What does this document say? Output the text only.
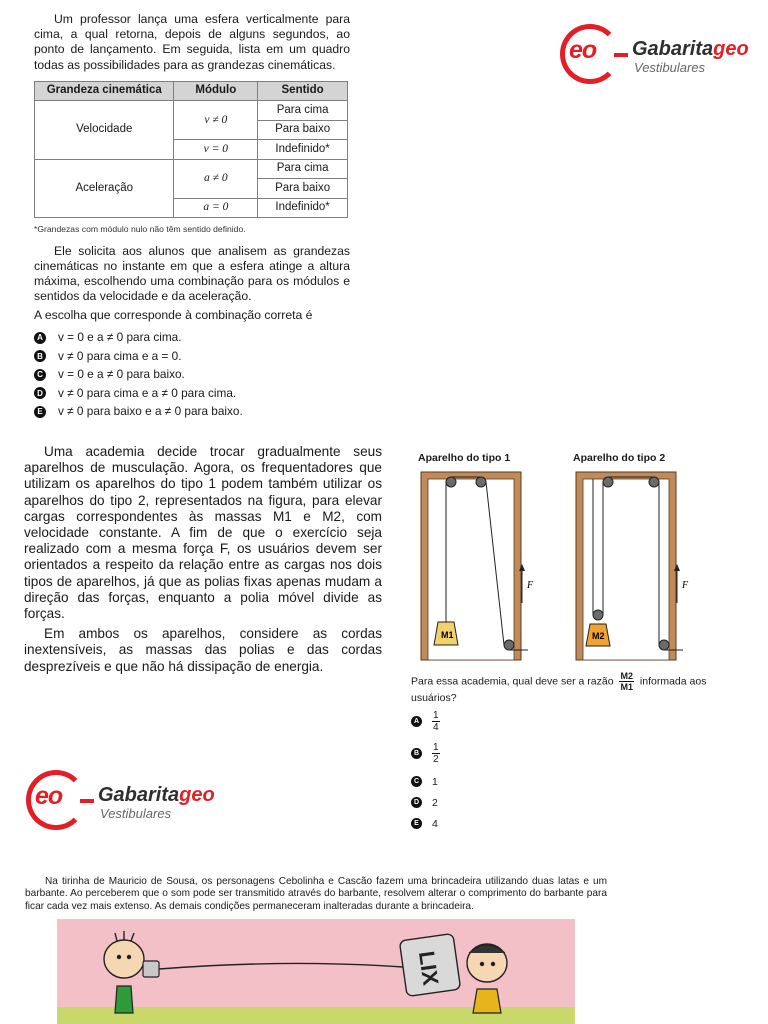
Um professor lança uma esfera verticalmente para cima, a qual retorna, depois de alguns segundos, ao ponto de lançamento. Em seguida, lista em um quadro todas as possibilidades para as grandezas cinemáticas.

Grandeza cinemática	Módulo	Sentido
Velocidade	v ≠ 0	Para cima
		Para baixo
	v = 0	Indefinido*
Aceleração	a ≠ 0	Para cima
		Para baixo
	a = 0	Indefinido*
*Grandezas com módulo nulo não têm sentido definido.

Ele solicita aos alunos que analisem as grandezas cinemáticas no instante em que a esfera atinge a altura máxima, escolhendo uma combinação para os módulos e sentidos da velocidade e da aceleração.

A escolha que corresponde à combinação correta é

A v = 0 e a ≠ 0 para cima.
B v ≠ 0 para cima e a = 0.
C v = 0 e a ≠ 0 para baixo.
D v ≠ 0 para cima e a ≠ 0 para cima.
E v ≠ 0 para baixo e a ≠ 0 para baixo.
eo Gabaritageo
Vestibulares

Uma academia decide trocar gradualmente seus aparelhos de musculação. Agora, os frequentadores que utilizam os aparelhos do tipo 1 podem também utilizar os aparelhos do tipo 2, representados na figura, para elevar cargas correspondentes às massas M1 e M2, com velocidade constante. A fim de que o exercício seja realizado com a mesma força F, os usuários devem ser orientados a respeito da relação entre as cargas nos dois tipos de aparelhos, já que as polias fixas apenas mudam a direção das forças, enquanto a polia móvel divide as forças.

Em ambos os aparelhos, considere as cordas inextensíveis, as massas das polias e das cordas desprezíveis e que não há dissipação de energia.

Aparelho do tipo 1	Aparelho do tipo 2
M1
F
M2
F
Para essa academia, qual deve ser a razão $\frac{M2}{M1}$ informada aos usuários?
A $\frac{1}{4}$
B $\frac{1}{2}$
C 1
D 2
E	4
eo Gabaritageo
Vestibulares

Na tirinha de Mauricio de Sousa, os personagens Cebolinha e Cascão fazem uma brincadeira utilizando duas latas e um barbante. Ao perceberem que o som pode ser transmitido através do barbante, resolvem alterar o comprimento do barbante para ficar cada vez mais extenso. As demais condições permaneceram inalteradas durante a brincadeira.

LIX
